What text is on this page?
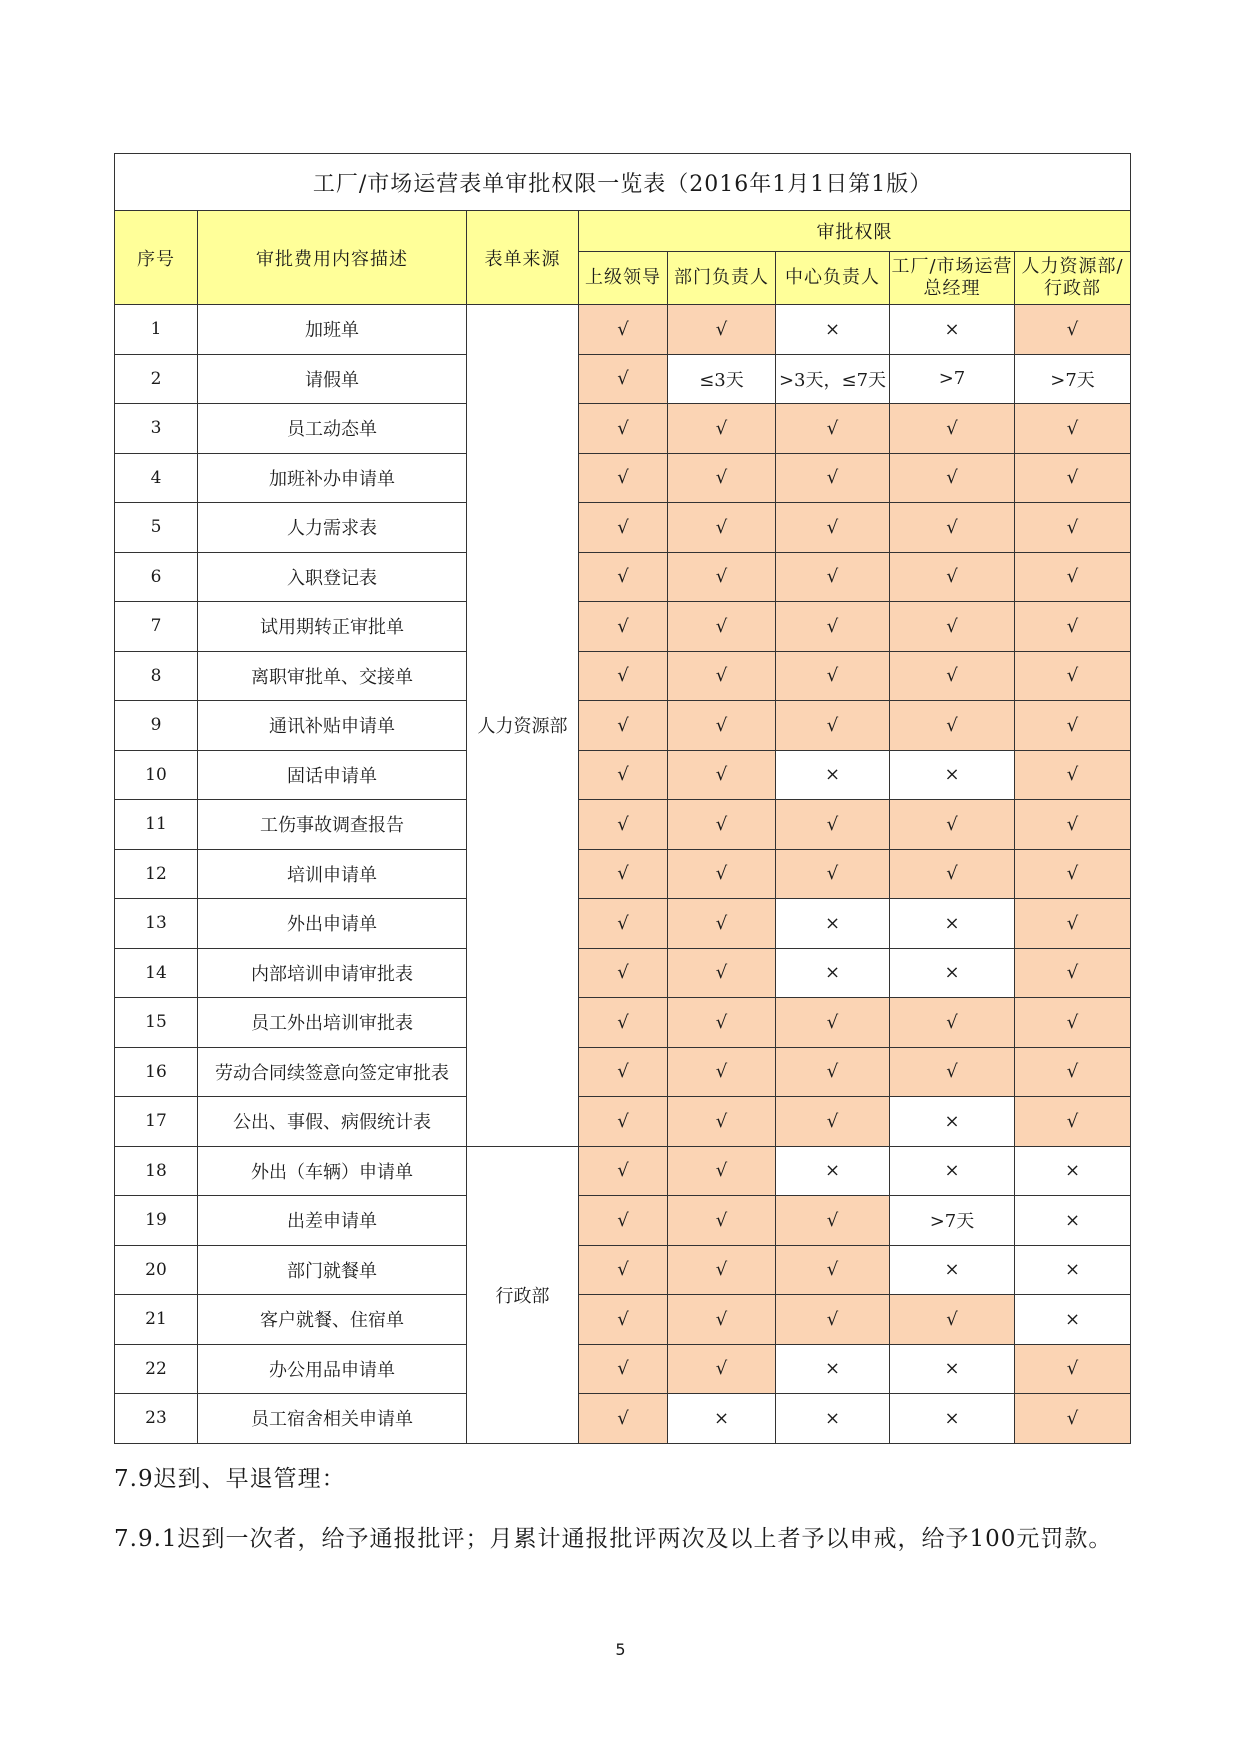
工厂/市场运营表单审批权限一览表（2016年1月1日第1版）							
序号	审批费用内容描述	表单来源	审批权限				
			上级领导	部门负责人	中心负责人	工厂/市场运营总经理	人力资源部/行政部
1	加班单	人力资源部	√	√	×	×	√
2	请假单		√	≤3天	>3天，≤7天	>7	>7天
3	员工动态单		√	√	√	√	√
4	加班补办申请单		√	√	√	√	√
5	人力需求表		√	√	√	√	√
6	入职登记表		√	√	√	√	√
7	试用期转正审批单		√	√	√	√	√
8	离职审批单、交接单		√	√	√	√	√
9	通讯补贴申请单		√	√	√	√	√
10	固话申请单		√	√	×	×	√
11	工伤事故调查报告		√	√	√	√	√
12	培训申请单		√	√	√	√	√
13	外出申请单		√	√	×	×	√
14	内部培训申请审批表		√	√	×	×	√
15	员工外出培训审批表		√	√	√	√	√
16	劳动合同续签意向签定审批表		√	√	√	√	√
17	公出、事假、病假统计表		√	√	√	×	√
18	外出（车辆）申请单	行政部	√	√	×	×	×
19	出差申请单		√	√	√	>7天	×
20	部门就餐单		√	√	√	×	×
21	客户就餐、住宿单		√	√	√	√	×
22	办公用品申请单		√	√	×	×	√
23	员工宿舍相关申请单		√	×	×	×	√
7.9迟到、早退管理：
7.9.1迟到一次者，给予通报批评；月累计通报批评两次及以上者予以申戒，给予100元罚款。
5
